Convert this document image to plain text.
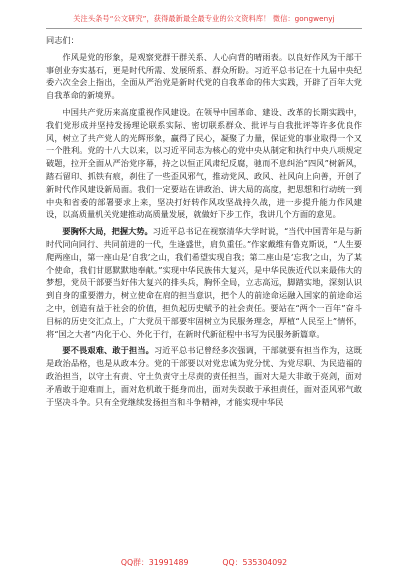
关注头条号“公文研究”，获得最新最全最专业的公文资料库！ 微信：gongwenyj

同志们：

作风是党的形象，是观察党群干群关系、人心向背的晴雨表。以良好作风为干部干事创业夯实基石，更是时代所需、发展所系、群众所盼。习近平总书记在十九届中央纪委六次全会上指出，全面从严治党是新时代党的自我革命的伟大实践，开辟了百年大党自我革命的新境界。

中国共产党历来高度重视作风建设。在领导中国革命、建设、改革的长期实践中，我们党形成并坚持发扬理论联系实际、密切联系群众、批评与自我批评等许多优良作风，树立了共产党人的光辉形象，赢得了民心，凝聚了力量，保证党的事业取得一个又一个胜利。党的十八大以来，以习近平同志为核心的党中央从制定和执行中央八项规定破题，拉开全面从严治党序幕，持之以恒正风肃纪反腐，驰而不息纠治“四风”树新风，踏石留印、抓铁有痕，刹住了一些歪风邪气，推动党风、政风、社风向上向善，开创了新时代作风建设新局面。我们一定要站在讲政治、讲大局的高度，把思想和行动统一到中央和省委的部署要求上来，坚决打好转作风攻坚战持久战，进一步提升能力作风建设，以高质量机关党建推动高质量发展，就做好下步工作，我讲几个方面的意见。

要胸怀大局，把握大势。习近平总书记在视察清华大学时说，“当代中国青年是与新时代同向同行、共同前进的一代，生逢盛世，肩负重任。”作家戴维有鲁克斯说，“人生要爬两座山，第一座山是‘自我’之山，我们希望实现自我；第二座山是‘忘我’之山，为了某个使命，我们甘愿默默地奉献。”实现中华民族伟大复兴，是中华民族近代以来最伟大的梦想，党员干部要当好伟大复兴的排头兵，胸怀全局，立志高远，脚踏实地，深刻认识到自身的重要潜力，树立使命在肩的担当意识，把个人的前途命运融入国家的前途命运之中，创造有益于社会的价值，担负起历史赋予的社会责任。要站在“两个一百年”奋斗目标的历史交汇点上，广大党员干部要牢固树立为民服务理念，厚植“人民至上”情怀，将“国之大者”内化于心、外化于行，在新时代新征程中书写为民服务新篇章。

要不畏艰难、敢于担当。习近平总书记曾经多次强调，干部就要有担当作为，这既是政治品格，也是从政本分。党的干部要以对党忠诚为党分忧、为党尽职、为民造福的政治担当，以守土有责、守土负责守土尽责的责任担当，面对大是大非敢于亮剑，面对矛盾敢于迎难而上，面对危机敢于挺身而出，面对失误敢于承担责任，面对歪风邪气敢于坚决斗争。只有全党继续发扬担当和斗争精神，才能实现中华民

QQ群：31991489	QQ：535304092
